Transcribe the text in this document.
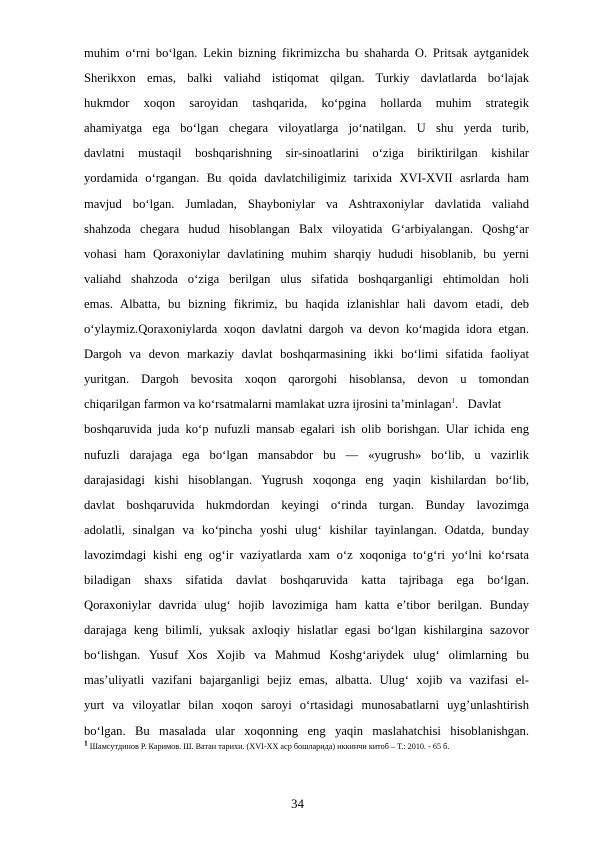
muhim o‘rni bo‘lgan. Lekin bizning fikrimizcha bu shaharda O. Pritsak aytganidek
Sherikxon emas, balki valiahd istiqomat qilgan. Turkiy davlatlarda bo‘lajak
hukmdor xoqon saroyidan tashqarida, ko‘pgina hollarda muhim strategik
ahamiyatga ega bo‘lgan chegara viloyatlarga jo‘natilgan. U shu yerda turib,
davlatni mustaqil boshqarishning sir-sinoatlarini o‘ziga biriktirilgan kishilar
yordamida o‘rgangan. Bu qoida davlatchiligimiz tarixida XVI-XVII asrlarda ham
mavjud bo‘lgan. Jumladan, Shayboniylar va Ashtraxoniylar davlatida valiahd
shahzoda chegara hudud hisoblangan Balx viloyatida G‘arbiyalangan. Qoshg‘ar
vohasi ham Qoraxoniylar davlatining muhim sharqiy hududi hisoblanib, bu yerni
valiahd shahzoda o‘ziga berilgan ulus sifatida boshqarganligi ehtimoldan holi
emas. Albatta, bu bizning fikrimiz, bu haqida izlanishlar hali davom etadi, deb
o‘ylaymiz.Qoraxoniylarda xoqon davlatni dargoh va devon ko‘magida idora etgan.
Dargoh va devon markaziy davlat boshqarmasining ikki bo‘limi sifatida faoliyat
yuritgan. Dargoh bevosita xoqon qarorgohi hisoblansa, devon u tomondan
chiqarilgan farmon va ko‘rsatmalarni mamlakat uzra ijrosini ta’minlagan$^1$.   Davlat
boshqaruvida juda ko‘p nufuzli mansab egalari ish olib borishgan. Ular ichida eng
nufuzli darajaga ega bo‘lgan mansabdor bu — «yugrush» bo‘lib, u vazirlik
darajasidagi kishi hisoblangan. Yugrush xoqonga eng yaqin kishilardan bo‘lib,
davlat boshqaruvida hukmdordan keyingi o‘rinda turgan. Bunday lavozimga
adolatli, sinalgan va ko‘pincha yoshi ulug‘ kishilar tayinlangan. Odatda, bunday
lavozimdagi kishi eng og‘ir vaziyatlarda xam o‘z xoqoniga to‘g‘ri yo‘lni ko‘rsata
biladigan shaxs sifatida davlat boshqaruvida katta tajribaga ega bo‘lgan.
Qoraxoniylar davrida ulug‘ hojib lavozimiga ham katta e’tibor berilgan. Bunday
darajaga keng bilimli, yuksak axloqiy hislatlar egasi bo‘lgan kishilargina sazovor
bo‘lishgan. Yusuf Xos Xojib va Mahmud Koshg‘ariydek ulug‘ olimlarning bu
mas’uliyatli vazifani bajarganligi bejiz emas, albatta. Ulug‘ xojib va vazifasi el-
yurt va viloyatlar bilan xoqon saroyi o‘rtasidagi munosabatlarni uyg’unlashtirish
bo‘lgan. Bu masalada ular xoqonning eng yaqin maslahatchisi hisoblanishgan.
$^1$ Шамсутдинов Р. Каримов. Ш. Ватан тарихи. (XVI-XX аср бошларида) иккинчи китоб – Т.: 2010. - 65 б.
34
